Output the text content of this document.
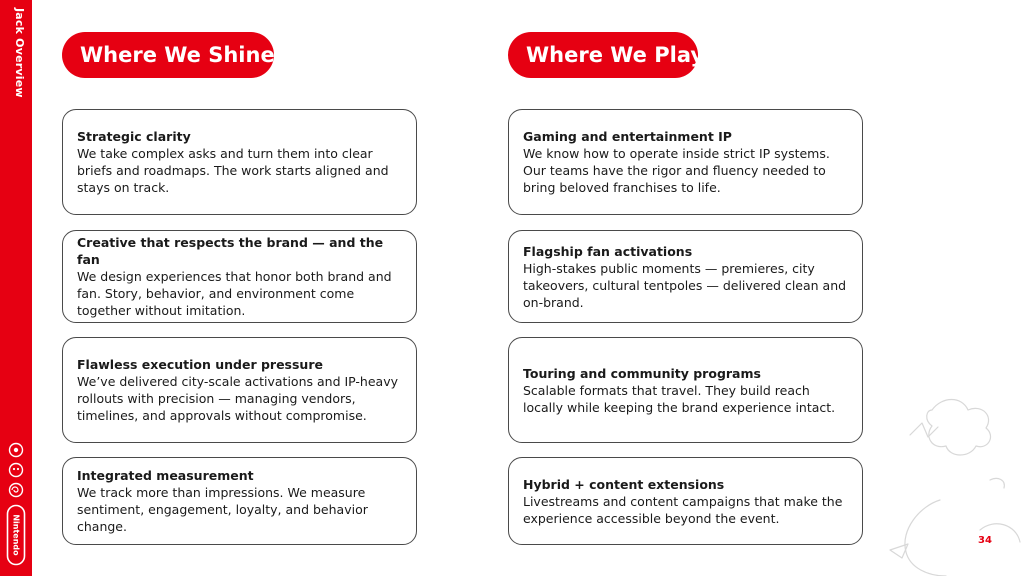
Jack Overview
Nintendo
Where We Shine	Where We Play
Strategic clarity
We take complex asks and turn them into clear briefs and roadmaps. The work starts aligned and stays on track.
Creative that respects the brand — and the fan
We design experiences that honor both brand and fan. Story, behavior, and environment come together without imitation.
Flawless execution under pressure
We’ve delivered city-scale activations and IP-heavy rollouts with precision — managing vendors, timelines, and approvals without compromise.
Integrated measurement
We track more than impressions. We measure sentiment, engagement, loyalty, and behavior change.
Gaming and entertainment IP
We know how to operate inside strict IP systems. Our teams have the rigor and fluency needed to bring beloved franchises to life.
Flagship fan activations
High-stakes public moments — premieres, city takeovers, cultural tentpoles — delivered clean and on-brand.
Touring and community programs
Scalable formats that travel. They build reach locally while keeping the brand experience intact.
Hybrid + content extensions
Livestreams and content campaigns that make the experience accessible beyond the event.
34
